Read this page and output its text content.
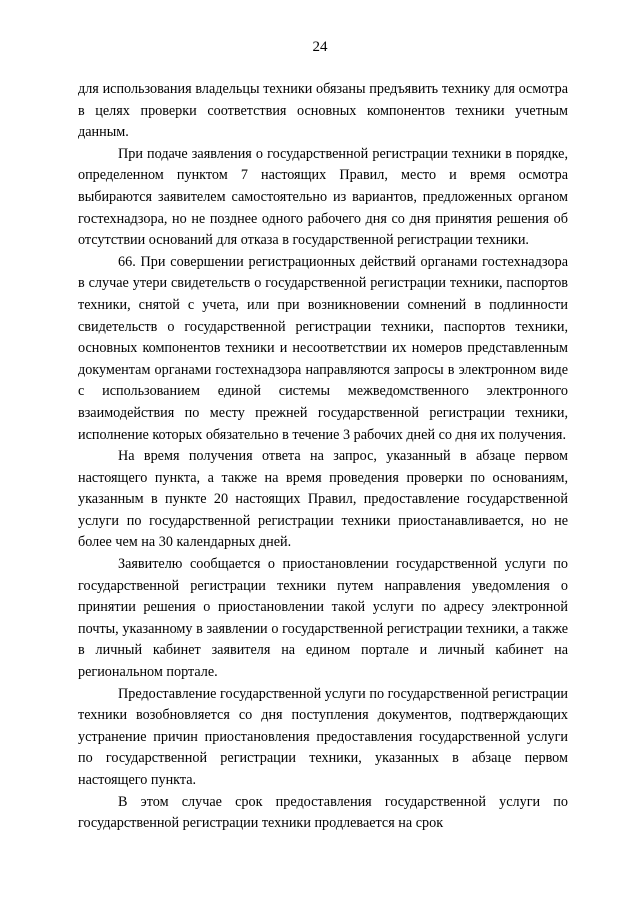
24

для использования владельцы техники обязаны предъявить технику для осмотра в целях проверки соответствия основных компонентов техники учетным данным.

При подаче заявления о государственной регистрации техники в порядке, определенном пунктом 7 настоящих Правил, место и время осмотра выбираются заявителем самостоятельно из вариантов, предложенных органом гостехнадзора, но не позднее одного рабочего дня со дня принятия решения об отсутствии оснований для отказа в государственной регистрации техники.

66. При совершении регистрационных действий органами гостехнадзора в случае утери свидетельств о государственной регистрации техники, паспортов техники, снятой с учета, или при возникновении сомнений в подлинности свидетельств о государственной регистрации техники, паспортов техники, основных компонентов техники и несоответствии их номеров представленным документам органами гостехнадзора направляются запросы в электронном виде с использованием единой системы межведомственного электронного взаимодействия по месту прежней государственной регистрации техники, исполнение которых обязательно в течение 3 рабочих дней со дня их получения.

На время получения ответа на запрос, указанный в абзаце первом настоящего пункта, а также на время проведения проверки по основаниям, указанным в пункте 20 настоящих Правил, предоставление государственной услуги по государственной регистрации техники приостанавливается, но не более чем на 30 календарных дней.

Заявителю сообщается о приостановлении государственной услуги по государственной регистрации техники путем направления уведомления о принятии решения о приостановлении такой услуги по адресу электронной почты, указанному в заявлении о государственной регистрации техники, а также в личный кабинет заявителя на едином портале и личный кабинет на региональном портале.

Предоставление государственной услуги по государственной регистрации техники возобновляется со дня поступления документов, подтверждающих устранение причин приостановления предоставления государственной услуги по государственной регистрации техники, указанных в абзаце первом настоящего пункта.

В этом случае срок предоставления государственной услуги по государственной регистрации техники продлевается на срок
